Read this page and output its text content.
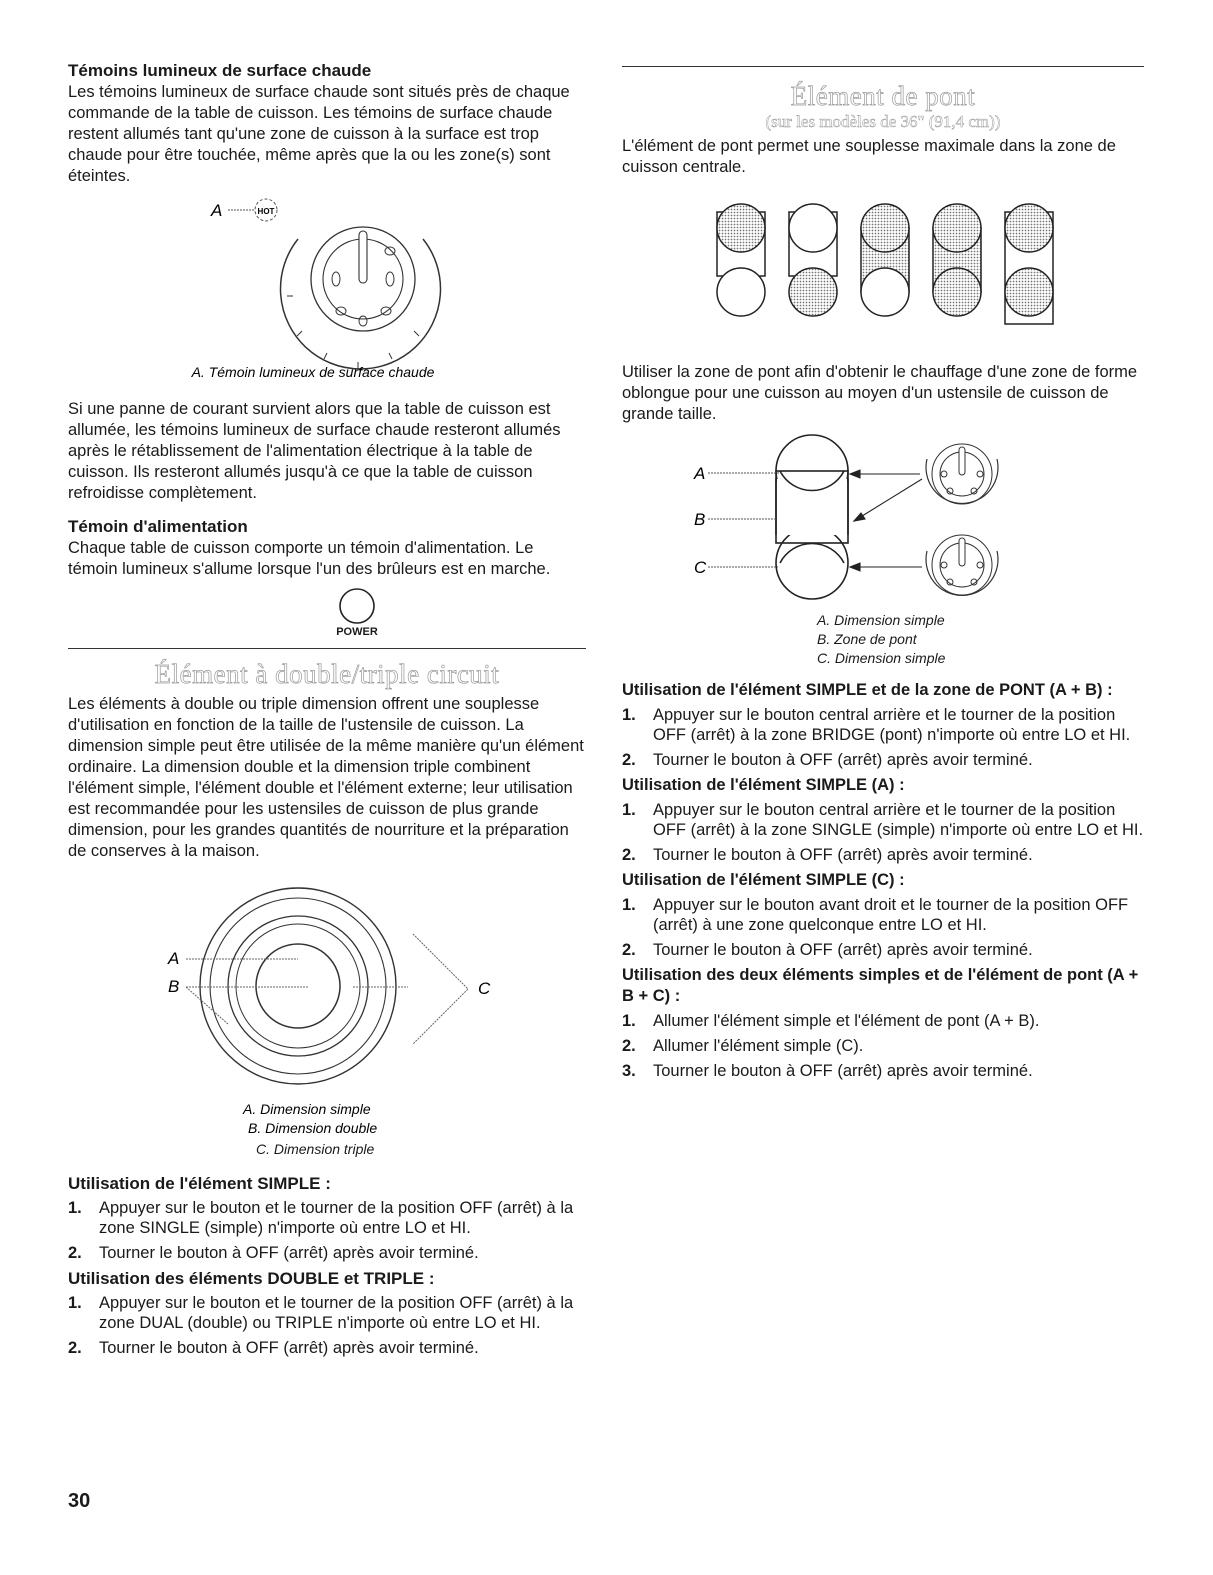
Témoins lumineux de surface chaude

Les témoins lumineux de surface chaude sont situés près de chaque commande de la table de cuisson. Les témoins de surface chaude restent allumés tant qu'une zone de cuisson à la surface est trop chaude pour être touchée, même après que la ou les zone(s) sont éteintes.

A	HOT
A. Témoin lumineux de surface chaude

Si une panne de courant survient alors que la table de cuisson est allumée, les témoins lumineux de surface chaude resteront allumés après le rétablissement de l'alimentation électrique à la table de cuisson. Ils resteront allumés jusqu'à ce que la table de cuisson refroidisse complètement.

Témoin d'alimentation

Chaque table de cuisson comporte un témoin d'alimentation. Le témoin lumineux s'allume lorsque l'un des brûleurs est en marche.

POWER
Élément à double/triple circuit

Les éléments à double ou triple dimension offrent une souplesse d'utilisation en fonction de la taille de l'ustensile de cuisson. La dimension simple peut être utilisée de la même manière qu'un élément ordinaire. La dimension double et la dimension triple combinent l'élément simple, l'élément double et l'élément externe; leur utilisation est recommandée pour les ustensiles de cuisson de plus grande dimension, pour les grandes quantités de nourriture et la préparation de conserves à la maison.

A
B	C
A. Dimension simple
B. Dimension double
C. Dimension triple
Utilisation de l'élément SIMPLE :
1. Appuyer sur le bouton et le tourner de la position OFF (arrêt) à la zone SINGLE (simple) n'importe où entre LO et HI.
2. Tourner le bouton à OFF (arrêt) après avoir terminé.
Utilisation des éléments DOUBLE et TRIPLE :
1. Appuyer sur le bouton et le tourner de la position OFF (arrêt) à la zone DUAL (double) ou TRIPLE n'importe où entre LO et HI.
2. Tourner le bouton à OFF (arrêt) après avoir terminé.
Élément de pont
(sur les modèles de 36" (91,4 cm))

L'élément de pont permet une souplesse maximale dans la zone de cuisson centrale.

Utiliser la zone de pont afin d'obtenir le chauffage d'une zone de forme oblongue pour une cuisson au moyen d'un ustensile de cuisson de grande taille.

A
B
C
A. Dimension simple
B. Zone de pont
C. Dimension simple
Utilisation de l'élément SIMPLE et de la zone de PONT (A + B) :
1. Appuyer sur le bouton central arrière et le tourner de la position OFF (arrêt) à la zone BRIDGE (pont) n'importe où entre LO et HI.
2. Tourner le bouton à OFF (arrêt) après avoir terminé.
Utilisation de l'élément SIMPLE (A) :
1. Appuyer sur le bouton central arrière et le tourner de la position OFF (arrêt) à la zone SINGLE (simple) n'importe où entre LO et HI.
2. Tourner le bouton à OFF (arrêt) après avoir terminé.
Utilisation de l'élément SIMPLE (C) :
1. Appuyer sur le bouton avant droit et le tourner de la position OFF (arrêt) à une zone quelconque entre LO et HI.
2. Tourner le bouton à OFF (arrêt) après avoir terminé.
Utilisation des deux éléments simples et de l'élément de pont (A + B + C) :
1. Allumer l'élément simple et l'élément de pont (A + B).
2. Allumer l'élément simple (C).
3. Tourner le bouton à OFF (arrêt) après avoir terminé.
30
